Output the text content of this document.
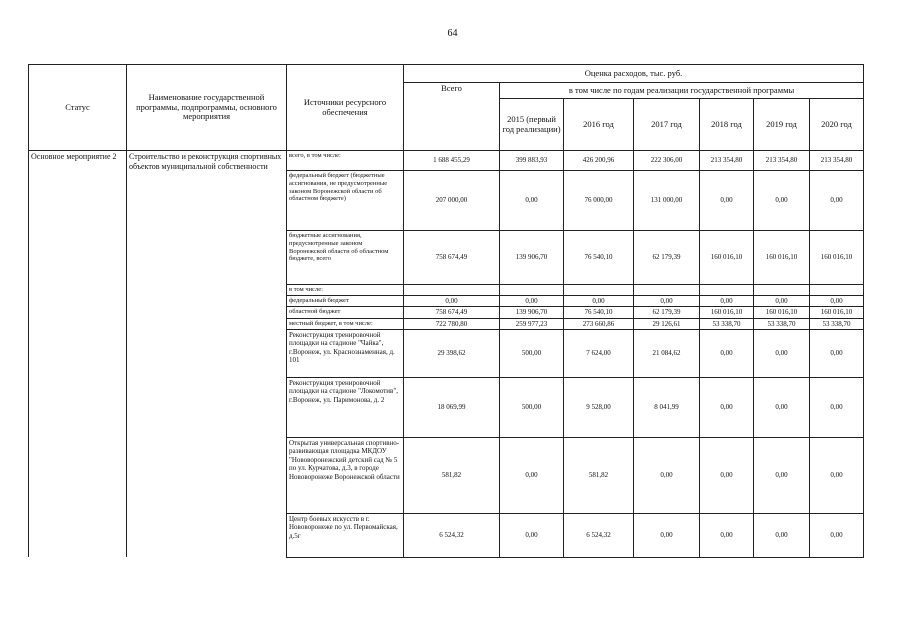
64
Статус	Наименование государственной программы, подпрограммы, основного мероприятия	Источники ресурсного обеспечения	Оценка расходов, тыс. руб.						
			Всего	в том числе по годам реализации государственной программы					
				2015 (первый год реализации)	2016 год	2017 год	2018 год	2019 год	2020 год
Основное мероприятие 2	Строительство и реконструкция спортивных объектов муниципальной собственности	всего, в том числе:	1 688 455,29	399 883,93	426 200,96	222 306,00	213 354,80	213 354,80	213 354,80
		федеральный бюджет (бюджетные ассигнования, не предусмотренные законом Воронежской области об областном бюджете)	207 000,00	0,00	76 000,00	131 000,00	0,00	0,00	0,00
		бюджетные ассигнования, предусмотренные законом Воронежской области об областном бюджете, всего	758 674,49	139 906,70	76 540,10	62 179,39	160 016,10	160 016,10	160 016,10
		в том числе:							
		федеральный бюджет	0,00	0,00	0,00	0,00	0,00	0,00	0,00
		областной бюджет	758 674,49	139 906,70	76 540,10	62 179,39	160 016,10	160 016,10	160 016,10
		местный бюджет, в том числе:	722 780,80	259 977,23	273 660,86	29 126,61	53 338,70	53 338,70	53 338,70
		Реконструкция тренировочной площадки на стадионе "Чайка", г.Воронеж, ул. Краснознаменная, д. 101	29 398,62	500,00	7 624,00	21 084,62	0,00	0,00	0,00
		Реконструкция тренировочной площадки на стадионе "Локомотив", г.Воронеж, ул. Паримонова, д. 2	18 069,99	500,00	9 528,00	8 041,99	0,00	0,00	0,00
		Открытая универсальная спортивно-развивающая площадка МКДОУ "Нововоронежский детский сад № 5 по ул. Курчатова, д.3, в городе Нововоронеже Воронежской области	581,82	0,00	581,82	0,00	0,00	0,00	0,00
		Центр боевых искусств в г. Нововоронеже по ул. Первомайская, д.5г	6 524,32	0,00	6 524,32	0,00	0,00	0,00	0,00
